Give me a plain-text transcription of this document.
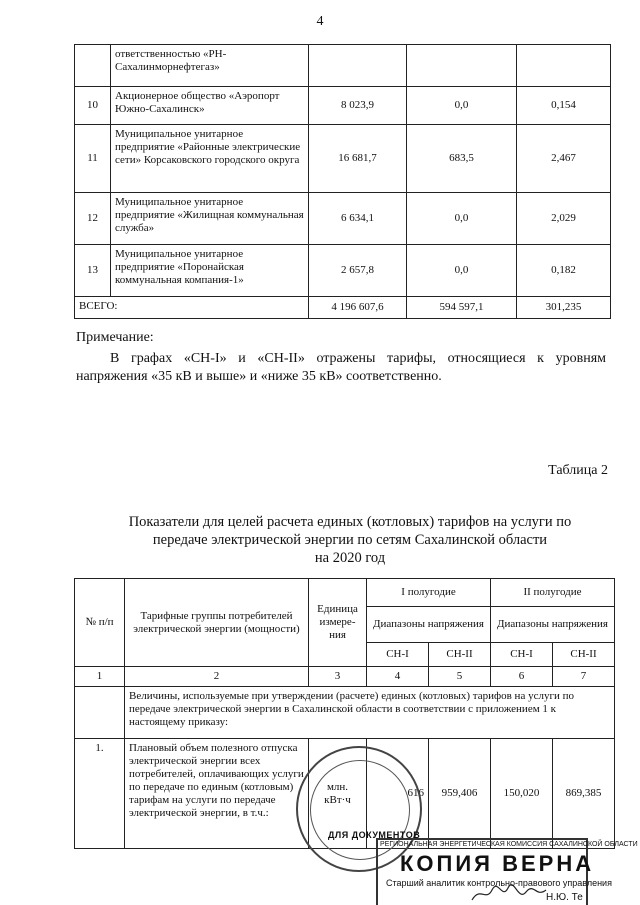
4
	ответственностью «РН-Сахалинморнефтегаз»			
10	Акционерное общество «Аэропорт Южно-Сахалинск»	8 023,9	0,0	0,154
11	Муниципальное унитарное предприятие «Районные электрические сети» Корсаковского городского округа	16 681,7	683,5	2,467
12	Муниципальное унитарное предприятие «Жилищная коммунальная служба»	6 634,1	0,0	2,029
13	Муниципальное унитарное предприятие «Поронайская коммунальная компания-1»	2 657,8	0,0	0,182
ВСЕГО:		4 196 607,6	594 597,1	301,235
Примечание:
В графах «СН-I» и «СН-II» отражены тарифы, относящиеся к уровням напряжения «35 кВ и выше» и «ниже 35 кВ» соответственно.
Таблица 2
Показатели для целей расчета единых (котловых) тарифов на услуги по
передаче электрической энергии по сетям Сахалинской области
на 2020 год
№ п/п	Тарифные группы потребителей электрической энергии (мощности)	Единица измере-ния	I полугодие		II полугодие	
			Диапазоны напряжения		Диапазоны напряжения	
			СН-I	СН-II	СН-I	СН-II
1	2	3	4	5	6	7
	Величины, используемые при утверждении (расчете) единых (котловых) тарифов на услуги по передаче электрической энергии в Сахалинской области в соответствии с приложением 1 к настоящему приказу:					
1.	Плановый объем полезного отпуска электрической энергии всех потребителей, оплачивающих услуги по передаче по единым (котловым) тарифам на услуги по передаче электрической энергии, в т.ч.:	млн. кВт·ч	616	959,406	150,020	869,385
ДЛЯ ДОКУМЕНТОВ
РЕГИОНАЛЬНАЯ ЭНЕРГЕТИЧЕСКАЯ КОМИССИЯ САХАЛИНСКОЙ ОБЛАСТИ
КОПИЯ ВЕРНА
Старший аналитик контрольно-правового управления
Н.Ю. Те
